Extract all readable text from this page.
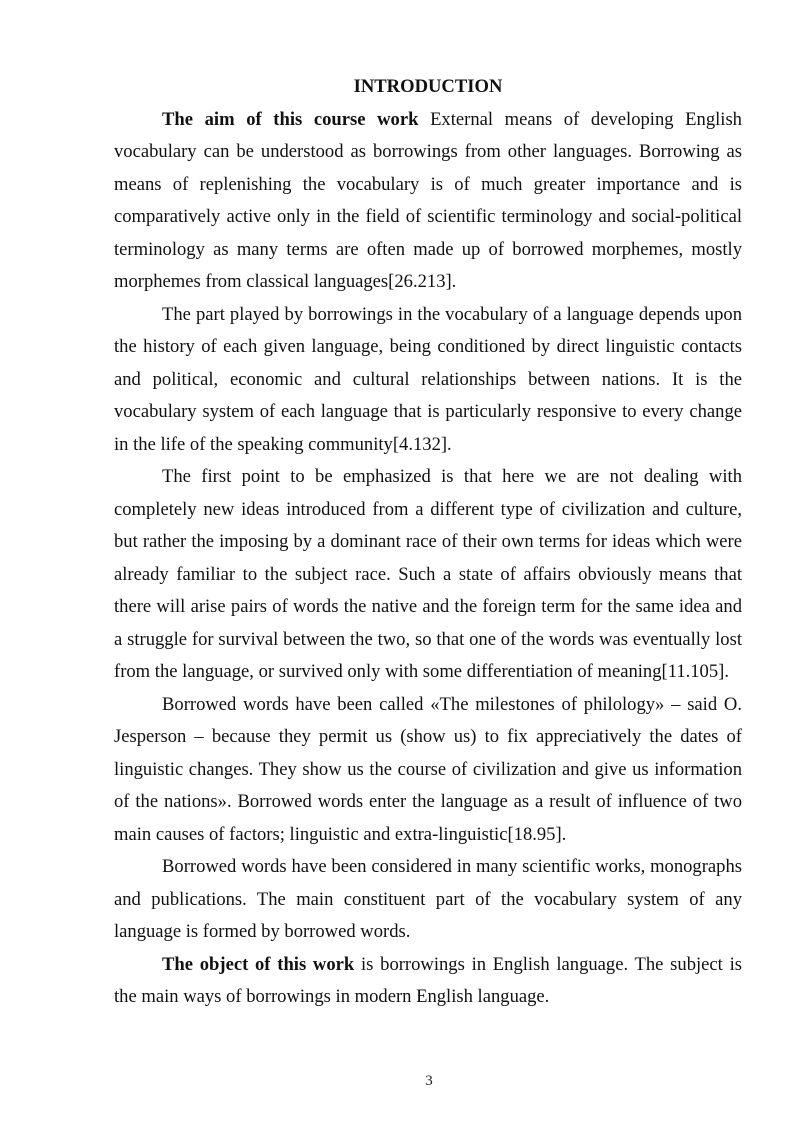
INTRODUCTION

The aim of this course work External means of developing English vocabulary can be understood as borrowings from other languages. Borrowing as means of replenishing the vocabulary is of much greater importance and is comparatively active only in the field of scientific terminology and social-political terminology as many terms are often made up of borrowed morphemes, mostly morphemes from classical languages[26.213].

The part played by borrowings in the vocabulary of a language depends upon the history of each given language, being conditioned by direct linguistic contacts and political, economic and cultural relationships between nations. It is the vocabulary system of each language that is particularly responsive to every change in the life of the speaking community[4.132].

The first point to be emphasized is that here we are not dealing with completely new ideas introduced from a different type of civilization and culture, but rather the imposing by a dominant race of their own terms for ideas which were already familiar to the subject race. Such a state of affairs obviously means that there will arise pairs of words the native and the foreign term for the same idea and a struggle for survival between the two, so that one of the words was eventually lost from the language, or survived only with some differentiation of meaning[11.105].

Borrowed words have been called «The milestones of philology» – said O. Jesperson – because they permit us (show us) to fix appreciatively the dates of linguistic changes. They show us the course of civilization and give us information of the nations». Borrowed words enter the language as a result of influence of two main causes of factors; linguistic and extra-linguistic[18.95].

Borrowed words have been considered in many scientific works, monographs and publications. The main constituent part of the vocabulary system of any language is formed by borrowed words.

The object of this work is borrowings in English language. The subject is the main ways of borrowings in modern English language.

3
